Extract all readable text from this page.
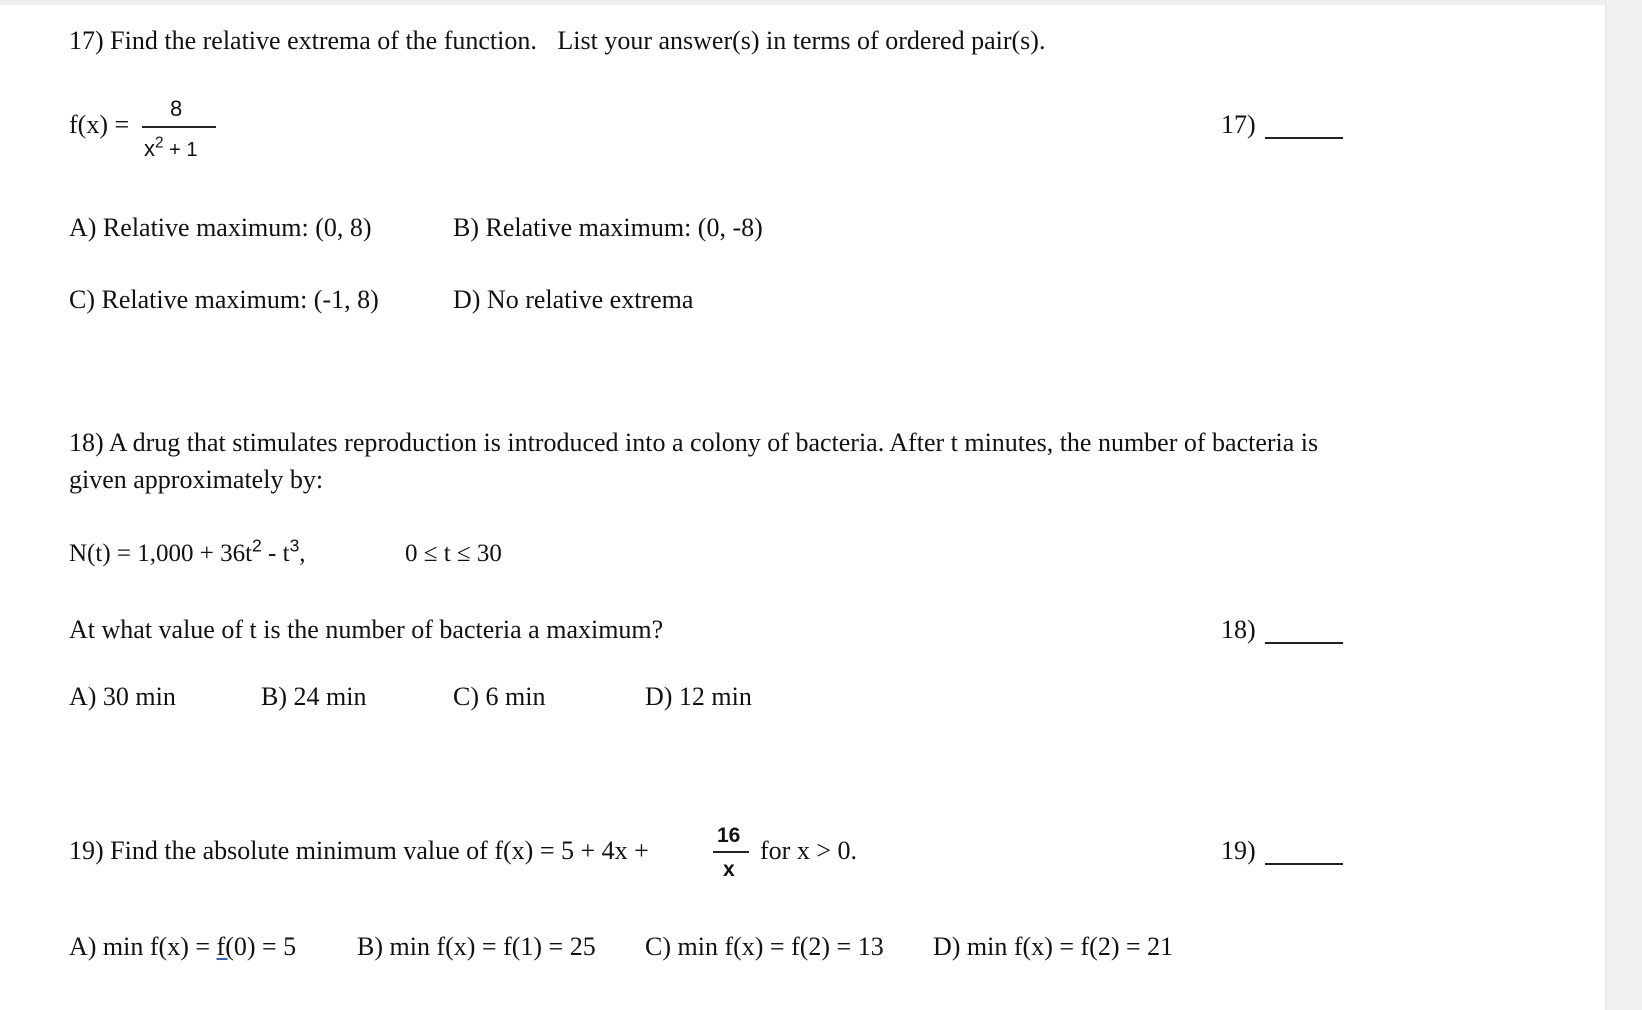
17) Find the relative extrema of the function. List your answer(s) in terms of ordered pair(s).
f(x) =
8
$x^2 + 1$
17)
A) Relative maximum: (0, 8)	B) Relative maximum: (0, -8)
C) Relative maximum: (-1, 8)	D) No relative extrema
18) A drug that stimulates reproduction is introduced into a colony of bacteria. After t minutes, the number of bacteria is
given approximately by:
$N(t) = 1,000 + 36t^2 - t^3$,	0 ≤ t ≤ 30
At what value of t is the number of bacteria a maximum?	18)
A) 30 min	B) 24 min	C) 6 min	D) 12 min
19) Find the absolute minimum value of f(x) = 5 + 4x +
16
x
for x > 0.	19)
A) min f(x) = f(0) = 5 B) min f(x) = f(1) = 25 C) min f(x) = f(2) = 13 D) min f(x) = f(2) = 21
